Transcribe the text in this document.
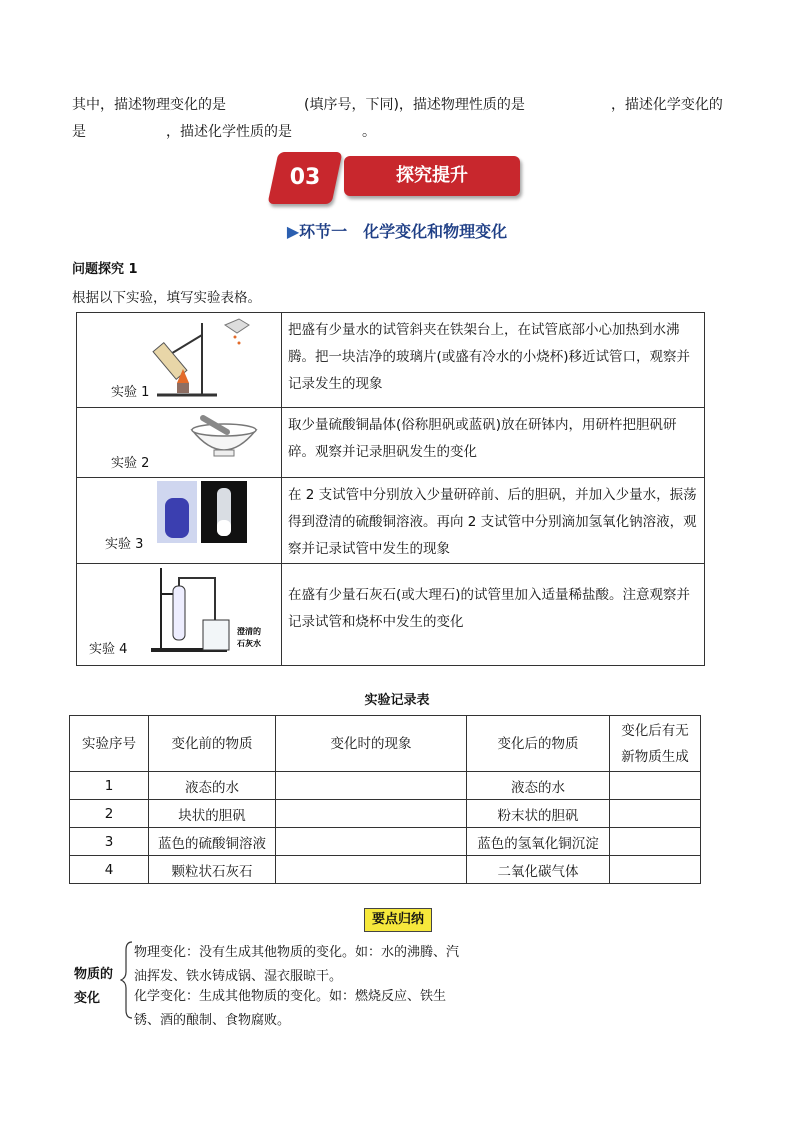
其中，描述物理变化的是	(填序号，下同)，描述物理性质的是	，描述化学变化的
是	，描述化学性质的是	。
03	探究提升
▶环节一　化学变化和物理变化
问题探究 1
根据以下实验，填写实验表格。
实验 1	把盛有少量水的试管斜夹在铁架台上，在试管底部小心加热到水沸腾。把一块洁净的玻璃片(或盛有冷水的小烧杯)移近试管口，观察并记录发生的现象

实验 2	取少量硫酸铜晶体(俗称胆矾或蓝矾)放在研钵内，用研杵把胆矾研碎。观察并记录胆矾发生的变化

实验 3	在 2 支试管中分别放入少量研碎前、后的胆矾，并加入少量水，振荡得到澄清的硫酸铜溶液。再向 2 支试管中分别滴加氢氧化钠溶液，观察并记录试管中发生的现象

澄清的
石灰水
实验 4	在盛有少量石灰石(或大理石)的试管里加入适量稀盐酸。注意观察并记录试管和烧杯中发生的变化
实验记录表
实验序号	变化前的物质	变化时的现象	变化后的物质	变化后有无新物质生成
1	液态的水		液态的水	
2	块状的胆矾		粉末状的胆矾	
3	蓝色的硫酸铜溶液		蓝色的氢氧化铜沉淀	
4	颗粒状石灰石		二氧化碳气体	
要点归纳
物质的
变化
物理变化：没有生成其他物质的变化。如：水的沸腾、汽
油挥发、铁水铸成锅、湿衣服晾干。
化学变化：生成其他物质的变化。如：燃烧反应、铁生
锈、酒的酿制、食物腐败。
